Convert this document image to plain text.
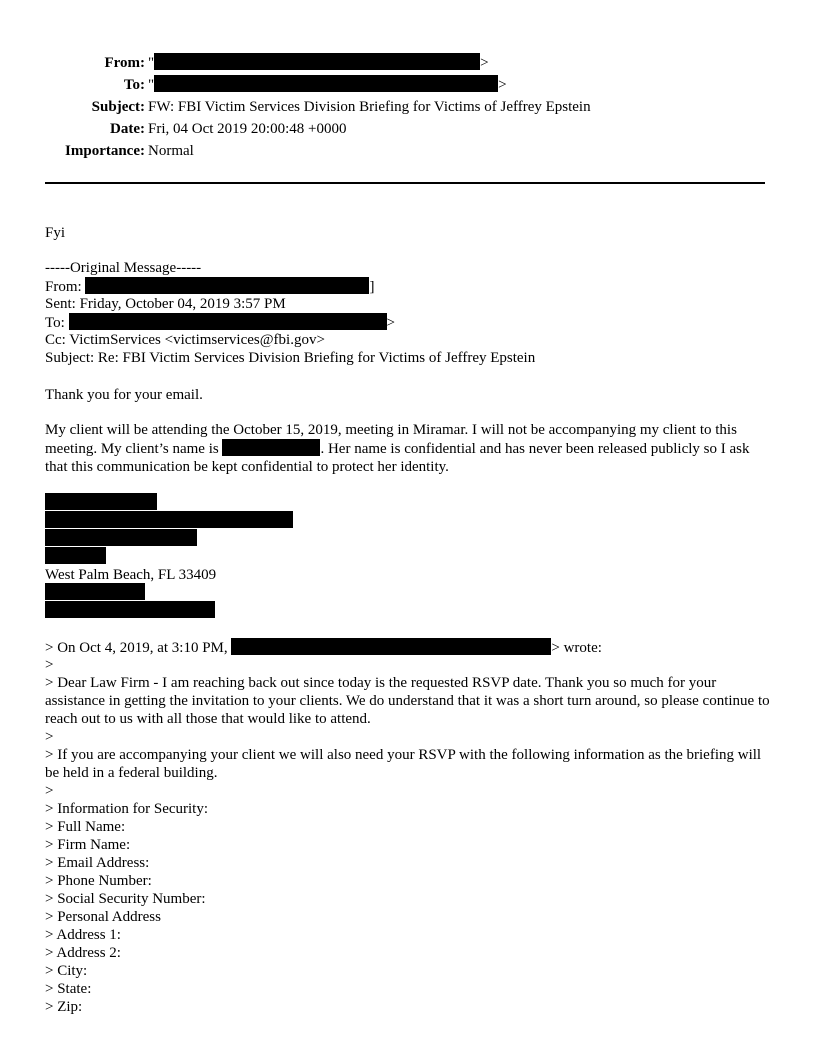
From: "	>
To: "	>
Subject: FW: FBI Victim Services Division Briefing for Victims of Jeffrey Epstein
Date: Fri, 04 Oct 2019 20:00:48 +0000
Importance: Normal
Fyi
-----Original Message-----
From:	]
Sent: Friday, October 04, 2019 3:57 PM
To:	>
Cc: VictimServices <victimservices@fbi.gov>
Subject: Re: FBI Victim Services Division Briefing for Victims of Jeffrey Epstein
Thank you for your email.
My client will be attending the October 15, 2019, meeting in Miramar. I will not be accompanying my client to this meeting. My client’s name is	. Her name is confidential and has never been released publicly so I ask that this communication be kept confidential to protect her identity.
West Palm Beach, FL 33409
> On Oct 4, 2019, at 3:10 PM,	> wrote:
>
> Dear Law Firm - I am reaching back out since today is the requested RSVP date. Thank you so much for your assistance in getting the invitation to your clients. We do understand that it was a short turn around, so please continue to reach out to us with all those that would like to attend.
>
> If you are accompanying your client we will also need your RSVP with the following information as the briefing will be held in a federal building.
>
> Information for Security:
> Full Name:
> Firm Name:
> Email Address:
> Phone Number:
> Social Security Number:
> Personal Address
> Address 1:
> Address 2:
> City:
> State:
> Zip:
